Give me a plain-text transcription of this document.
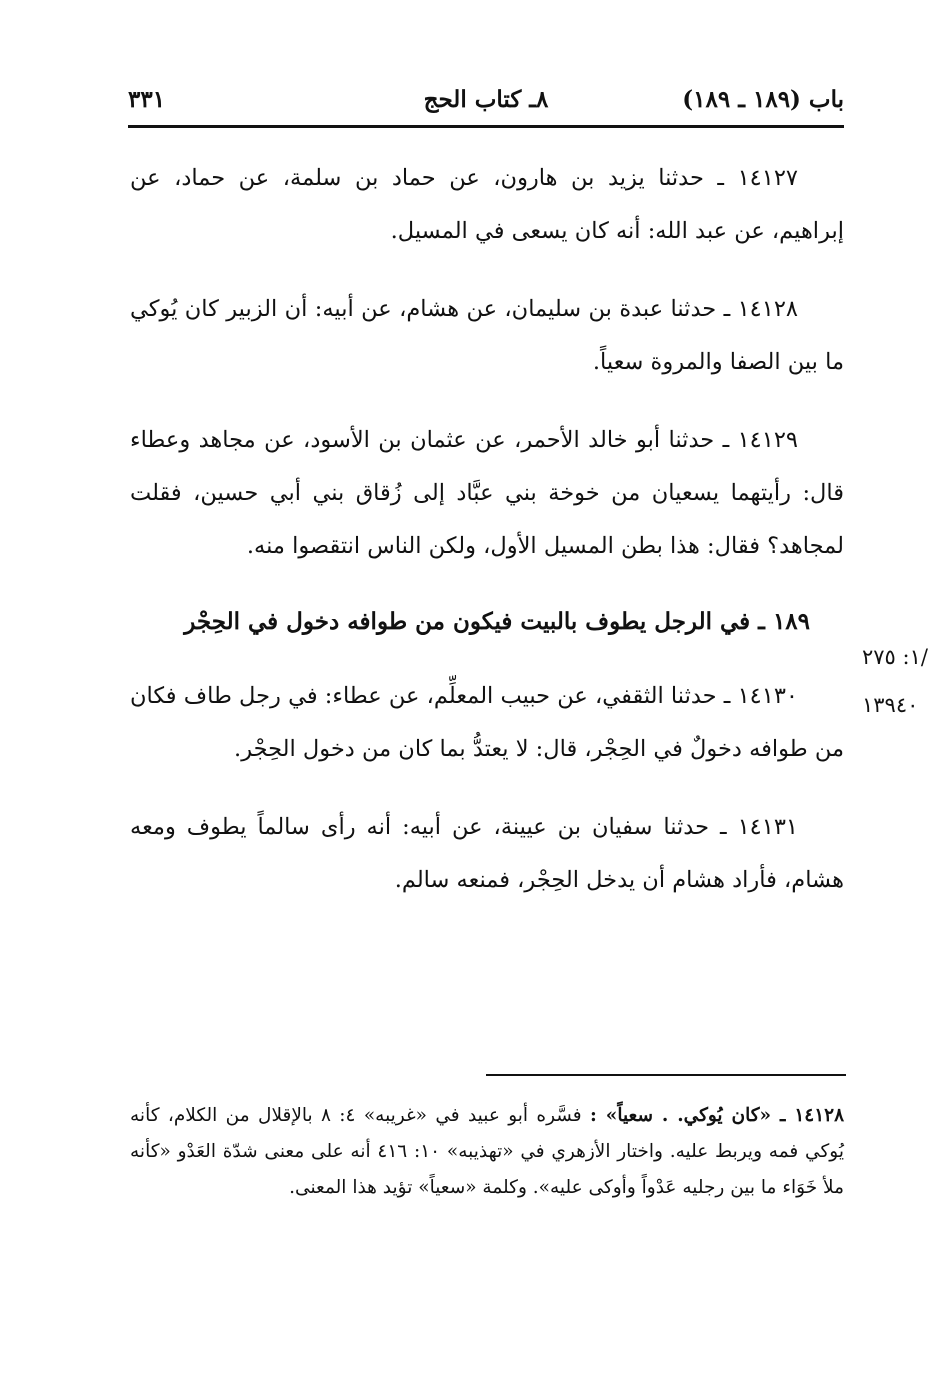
باب (١٨٩ ـ ١٨٩)
٨ـ كتاب الحج
٣٣١

١٤١٢٧ ـ حدثنا يزيد بن هارون، عن حماد بن سلمة، عن حماد، عن إبراهيم، عن عبد الله: أنه كان يسعى في المسيل.

١٤١٢٨ ـ حدثنا عبدة بن سليمان، عن هشام، عن أبيه: أن الزبير كان يُوكي ما بين الصفا والمروة سعياً.

١٤١٢٩ ـ حدثنا أبو خالد الأحمر، عن عثمان بن الأسود، عن مجاهد وعطاء قال: رأيتهما يسعيان من خوخة بني عبَّاد إلى زُقاق بني أبي حسين، فقلت لمجاهد؟ فقال: هذا بطن المسيل الأول، ولكن الناس انتقصوا منه.

١٨٩ ـ في الرجل يطوف بالبيت فيكون من طوافه دخول في الحِجْر

١٤١٣٠ ـ حدثنا الثقفي، عن حبيب المعلِّم، عن عطاء: في رجل طاف فكان من طوافه دخولٌ في الحِجْر، قال: لا يعتدُّ بما كان من دخول الحِجْر.

١٤١٣١ ـ حدثنا سفيان بن عيينة، عن أبيه: أنه رأى سالماً يطوف ومعه هشام، فأراد هشام أن يدخل الحِجْر، فمنعه سالم.

/١: ٢٧٥
١٣٩٤٠
١٤١٢٨ ـ «كان يُوكي. . سعياً» : فسَّره أبو عبيد في «غريبه» ٤: ٨ بالإقلال من الكلام، كأنه يُوكي فمه ويربط عليه. واختار الأزهري في «تهذيبه» ١٠: ٤١٦ أنه على معنى شدّة العَدْو «كأنه ملأ خَوَاء ما بين رجليه عَدْواً وأوكى عليه». وكلمة «سعياً» تؤيد هذا المعنى.
